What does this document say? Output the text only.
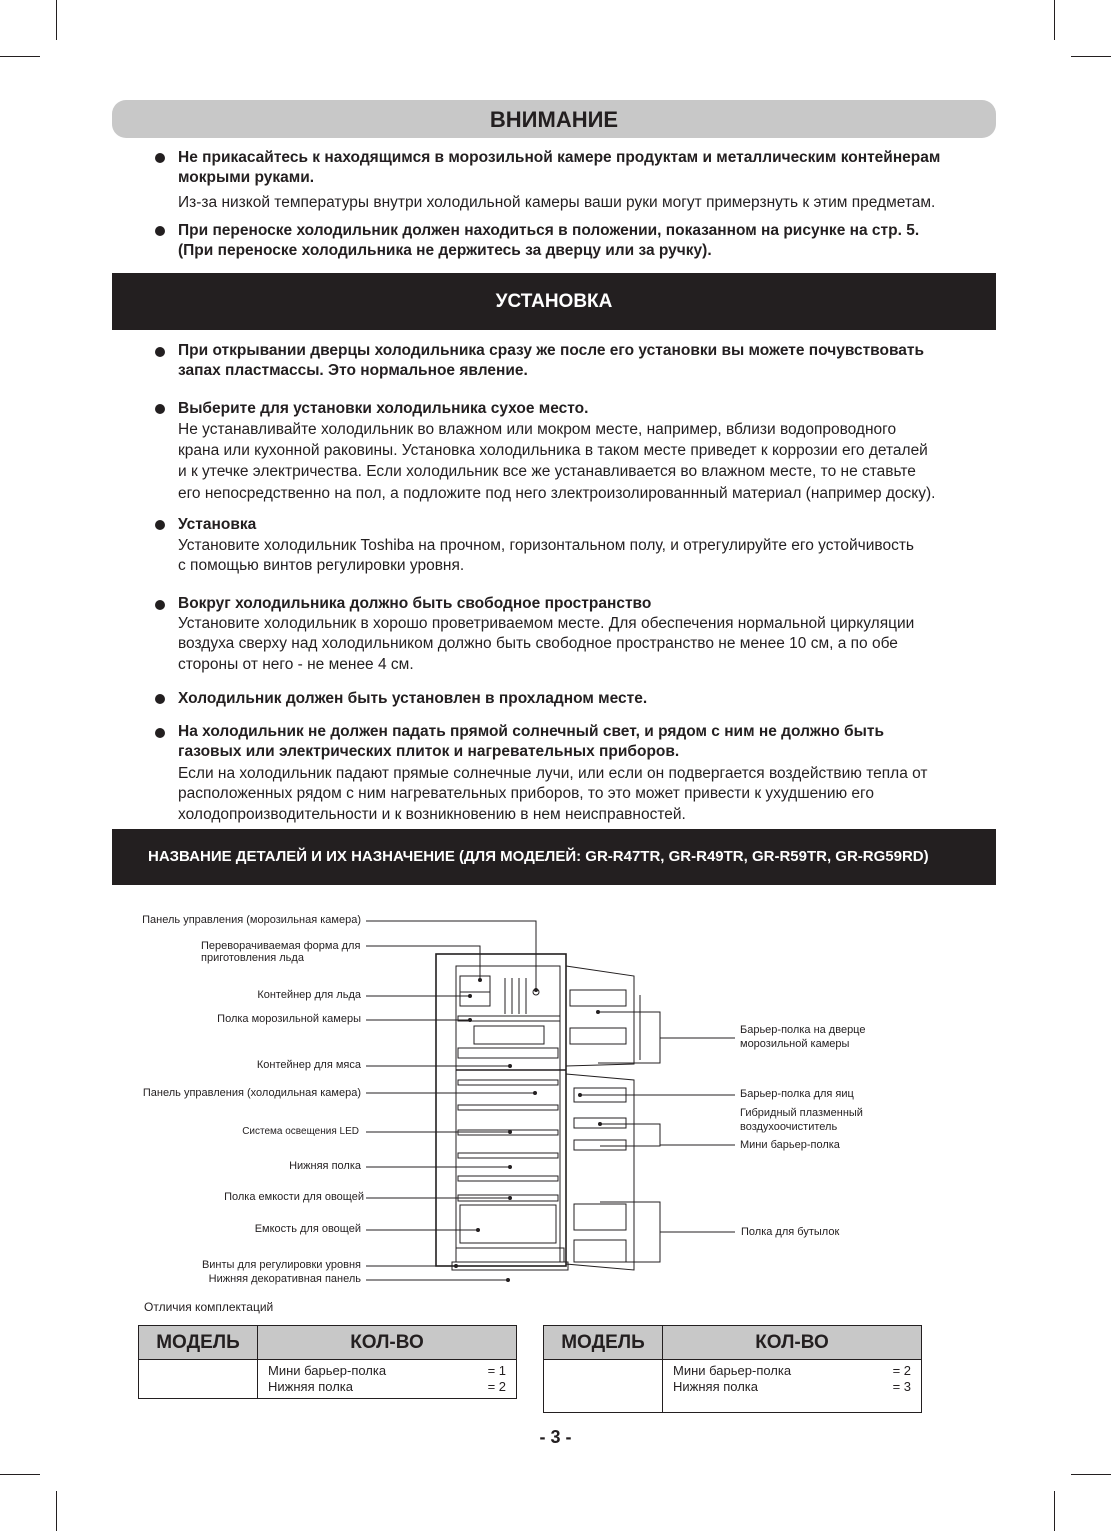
ВНИМАНИЕ
Не прикасайтесь к находящимся в морозильной камере продуктам и металлическим контейнерам
мокрыми руками.
Из-за низкой температуры внутри холодильной камеры ваши руки могут примерзнуть к этим предметам.
При переноске холодильник должен находиться в положении, показанном на рисунке на стр. 5.
(При переноске холодильника не держитесь за дверцу или за ручку).
УСТАНОВКА
При открывании дверцы холодильника сразу же после его установки вы можете почувствовать
запах пластмассы. Это нормальное явление.
Выберите для установки холодильника сухое место.
Не устанавливайте холодильник во влажном или мокром месте, например, вблизи водопроводного
крана или кухонной раковины. Установка холодильника в таком месте приведет к коррозии его деталей
и к утечке электричества. Если холодильник все же устанавливается во влажном месте, то не ставьте
его непосредственно на пол, а подложите под него злектроизолированнный материал (например доску).
Установка
Установите холодильник Toshiba на прочном, горизонтальном полу, и отрегулируйте его устойчивость
с помощью винтов регулировки уровня.
Вокруг холодильника должно быть свободное пространство
Установите холодильник в хорошо проветриваемом месте. Для обеспечения нормальной циркуляции
воздуха сверху над холодильником должно быть свободное пространство не менее 10 см, а по обе
стороны от него - не менее 4 см.
Холодильник должен быть установлен в прохладном месте.
На холодильник не должен падать прямой солнечный свет, и рядом с ним не должно быть
газовых или электрических плиток и нагревательных приборов.
Если на холодильник падают прямые солнечные лучи, или если он подвергается воздействию тепла от
расположенных рядом с ним нагревательных приборов, то это может привести к ухудшению его
холодопроизводительности и к возникновению в нем неисправностей.
НАЗВАНИЕ ДЕТАЛЕЙ И ИХ НАЗНАЧЕНИЕ (ДЛЯ МОДЕЛЕЙ: GR-R47TR, GR-R49TR, GR-R59TR, GR-RG59RD)
Панель управления (морозильная камера)
Переворачиваемая форма для
приготовления льда
Контейнер для льда
Полка морозильной камеры
Контейнер для мяса
Панель управления (холодильная камера)
Система освещения LED
Нижняя полка
Полка емкости для овощей
Емкость для овощей
Винты для регулировки уровня
Нижняя декоративная панель
Барьер-полка на дверце
морозильной камеры
Барьер-полка для яиц
Гибридный плазменный
воздухоочиститель
Мини барьер-полка
Полка для бутылок
Отличия комплектаций
МОДЕЛЬ	КОЛ-ВО

	Мини барьер-полка = 1
Нижняя полка = 2
МОДЕЛЬ	КОЛ-ВО

	Мини барьер-полка = 2
Нижняя полка = 3
- 3 -
